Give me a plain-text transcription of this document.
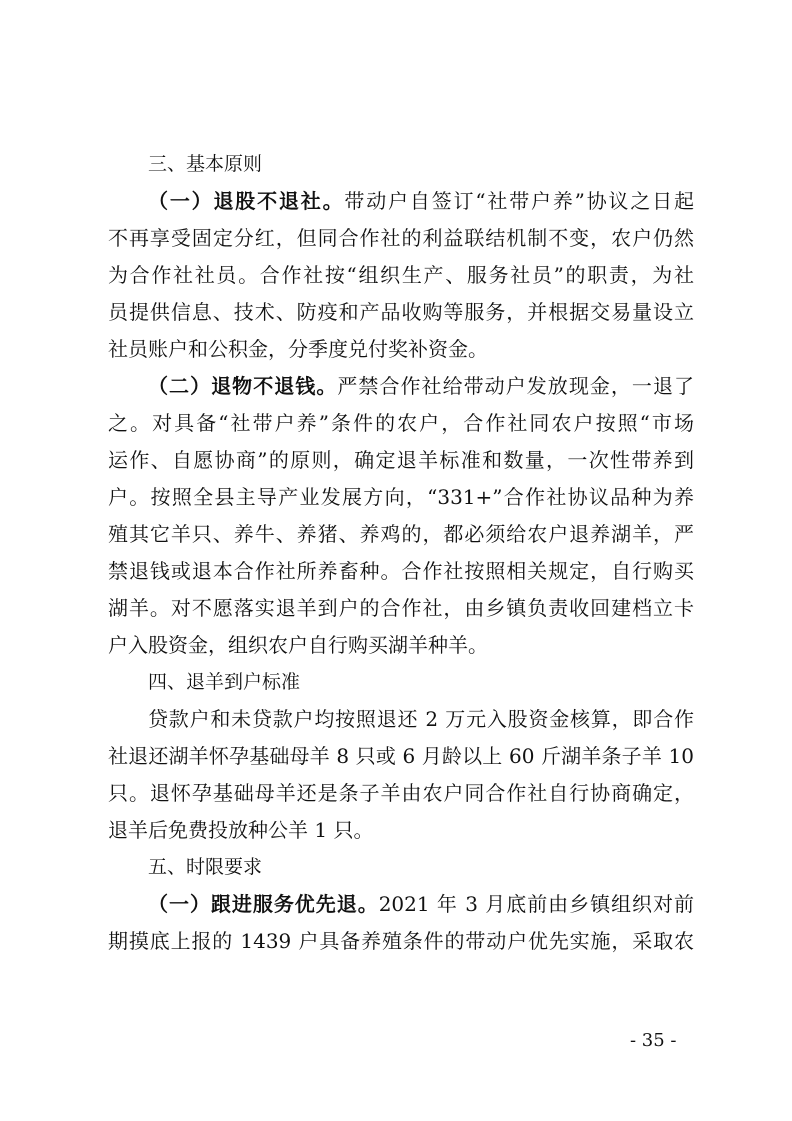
三、基本原则
（一）退股不退社。带动户自签订“社带户养”协议之日起
不再享受固定分红，但同合作社的利益联结机制不变，农户仍然
为合作社社员。合作社按“组织生产、服务社员”的职责，为社
员提供信息、技术、防疫和产品收购等服务，并根据交易量设立
社员账户和公积金，分季度兑付奖补资金。
（二）退物不退钱。严禁合作社给带动户发放现金，一退了
之。对具备“社带户养”条件的农户，合作社同农户按照“市场
运作、自愿协商”的原则，确定退羊标准和数量，一次性带养到
户。按照全县主导产业发展方向，“331+”合作社协议品种为养
殖其它羊只、养牛、养猪、养鸡的，都必须给农户退养湖羊，严
禁退钱或退本合作社所养畜种。合作社按照相关规定，自行购买
湖羊。对不愿落实退羊到户的合作社，由乡镇负责收回建档立卡
户入股资金，组织农户自行购买湖羊种羊。
四、退羊到户标准
贷款户和未贷款户均按照退还 2 万元入股资金核算，即合作
社退还湖羊怀孕基础母羊 8 只或 6 月龄以上 60 斤湖羊条子羊 10
只。退怀孕基础母羊还是条子羊由农户同合作社自行协商确定，
退羊后免费投放种公羊 1 只。
五、时限要求
（一）跟进服务优先退。2021 年 3 月底前由乡镇组织对前
期摸底上报的 1439 户具备养殖条件的带动户优先实施，采取农
- 35 -
